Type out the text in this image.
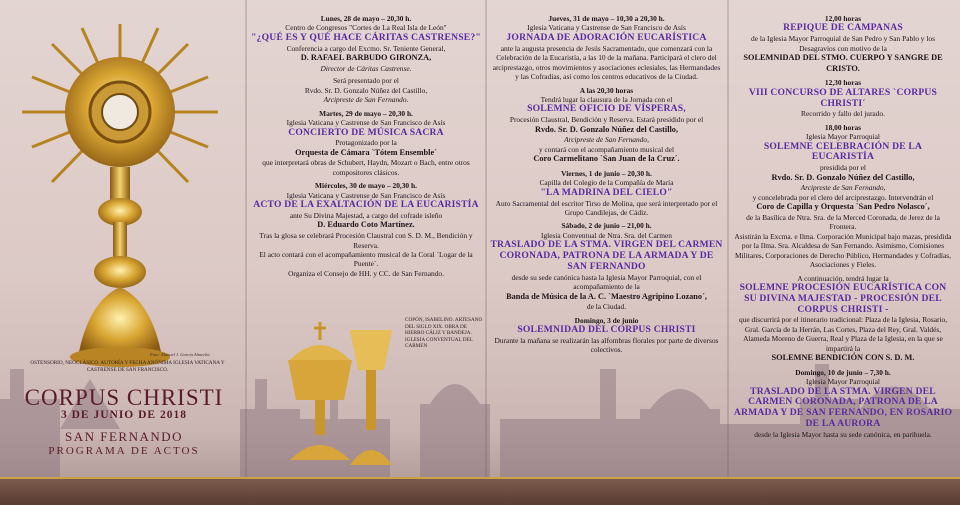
Foto: Manuel J. García Almecha
OSTENSORIO, NEOCLÁSICO. AUTORÍA Y FECHA ANÓNIMA IGLESIA VATICANA Y CASTRENSE DE SAN FRANCISCO.
COPÓN, ISABELINO. ARTESANO DEL SIGLO XIX. OBRA DE HIERRO CÁLIZ Y BANDEJA. IGLESIA CONVENTUAL DEL CARMEN
CORPUS CHRISTI
3 DE JUNIO DE 2018
SAN FERNANDO
PROGRAMA DE ACTOS
Lunes, 28 de mayo – 20,30 h.
Centro de Congresos "Cortes de La Real Isla de León"
"¿QUÉ ES Y QUÉ HACE CÁRITAS CASTRENSE?"
Conferencia a cargo del Excmo. Sr. Teniente General,
D. RAFAEL BARBUDO GIRONZA,
Director de Cáritas Castrense.
Será presentado por el
Rvdo. Sr. D. Gonzalo Núñez del Castillo,
Arcipreste de San Fernando.
Martes, 29 de mayo – 20,30 h.
Iglesia Vaticana y Castrense de San Francisco de Asís
CONCIERTO DE MÚSICA SACRA
Protagonizado por la
Orquesta de Cámara `Tótem Ensemble´
que interpretará obras de Schubert, Haydn, Mozart o Bach, entre otros compositores clásicos.
Miércoles, 30 de mayo – 20,30 h.
Iglesia Vaticana y Castrense de San Francisco de Asís
ACTO DE LA EXALTACIÓN DE LA EUCARISTÍA
ante Su Divina Majestad, a cargo del cofrade isleño
D. Eduardo Coto Martínez.
Tras la glosa se celebrará Procesión Claustral con S. D. M., Bendición y Reserva.
El acto contará con el acompañamiento musical de la Coral `Logar de la Puente´.
Organiza el Consejo de HH. y CC. de San Fernando.
Jueves, 31 de mayo – 10,30 a 20,30 h.
Iglesia Vaticana y Castrense de San Francisco de Asís
JORNADA DE ADORACIÓN EUCARÍSTICA
ante la augusta presencia de Jesús Sacramentado, que comenzará con la Celebración de la Eucaristía, a las 10 de la mañana. Participará el clero del arciprestazgo, otros movimientos y asociaciones eclesiales, las Hermandades y las Cofradías, así como los centros educativos de la Ciudad.
A las 20,30 horas
Tendrá lugar la clausura de la Jornada con el
SOLEMNE OFICIO DE VÍSPERAS,
Procesión Claustral, Bendición y Reserva. Estará presidido por el
Rvdo. Sr. D. Gonzalo Núñez del Castillo,
Arcipreste de San Fernando,
y contará con el acompañamiento musical del
Coro Carmelitano `San Juan de la Cruz´.
Viernes, 1 de junio – 20,30 h.
Capilla del Colegio de la Compañía de María
"LA MADRINA DEL CIELO"
Auto Sacramental del escritor Tirso de Molina, que será interpretado por el Grupo Candilejas, de Cádiz.
Sábado, 2 de junio – 21,00 h.
Iglesia Conventual de Ntra. Sra. del Carmen
TRASLADO DE LA STMA. VIRGEN DEL CARMEN CORONADA, PATRONA DE LA ARMADA Y DE SAN FERNANDO
desde su sede canónica hasta la Iglesia Mayor Parroquial, con el acompañamiento de la
Banda de Música de la A. C. `Maestro Agripino Lozano´,
de la Ciudad.
Domingo, 3 de junio
SOLEMNIDAD DEL CORPUS CHRISTI
Durante la mañana se realizarán las alfombras florales por parte de diversos colectivos.
12,00 horas
REPIQUE DE CAMPANAS
de la Iglesia Mayor Parroquial de San Pedro y San Pablo y los Desagravios con motivo de la
SOLEMNIDAD DEL STMO. CUERPO Y SANGRE DE CRISTO.
12,30 horas
VIII CONCURSO DE ALTARES `CORPUS CHRISTI´
Recorrido y fallo del jurado.
18,00 horas
Iglesia Mayor Parroquial
SOLEMNE CELEBRACIÓN DE LA EUCARISTÍA
presidida por el
Rvdo. Sr. D. Gonzalo Núñez del Castillo,
Arcipreste de San Fernando,
y concelebrada por el clero del arciprestazgo. Intervendrán el
Coro de Capilla y Orquesta `San Pedro Nolasco´,
de la Basílica de Ntra. Sra. de la Merced Coronada, de Jerez de la Frontera.
Asistirán la Excma. e Ilma. Corporación Municipal bajo mazas, presidida por la Ilma. Sra. Alcaldesa de San Fernando. Asimismo, Comisiones Militares, Corporaciones de Derecho Público, Hermandades y Cofradías, Asociaciones y Fieles.
A continuación, tendrá lugar la
SOLEMNE PROCESIÓN EUCARÍSTICA CON SU DIVINA MAJESTAD - PROCESIÓN DEL CORPUS CHRISTI -
que discurrirá por el itinerario tradicional: Plaza de la Iglesia, Rosario, Gral. García de la Herrán, Las Cortes, Plaza del Rey, Gral. Valdés, Alameda Moreno de Guerra, Real y Plaza de la Iglesia, en la que se impartirá la
SOLEMNE BENDICIÓN CON S. D. M.
Domingo, 10 de junio – 7,30 h.
Iglesia Mayor Parroquial
TRASLADO DE LA STMA. VIRGEN DEL CARMEN CORONADA, PATRONA DE LA ARMADA Y DE SAN FERNANDO, EN ROSARIO DE LA AURORA
desde la Iglesia Mayor hasta su sede canónica, en parihuela.
